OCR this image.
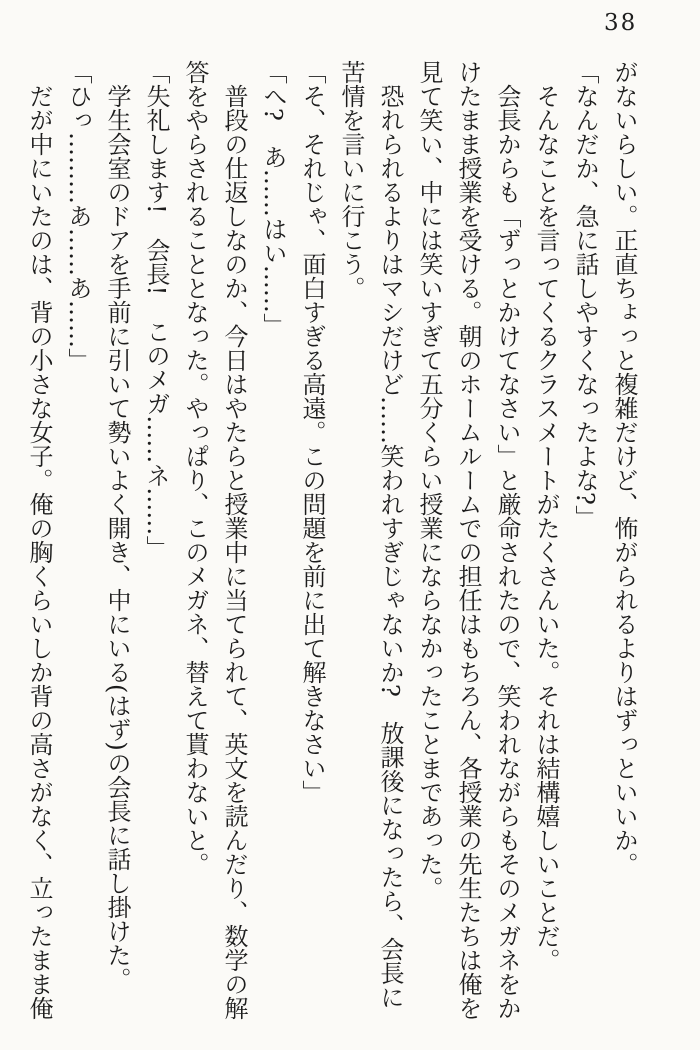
38

がないらしい。正直ちょっと複雑だけど、怖がられるよりはずっといいか。

「なんだか、急に話しやすくなったよな?」

そんなことを言ってくるクラスメートがたくさんいた。それは結構嬉しいことだ。

会長からも「ずっとかけてなさい」と厳命されたので、笑われながらもそのメガネをかけたまま授業を受ける。朝のホームルームでの担任はもちろん、各授業の先生たちは俺を見て笑い、中には笑いすぎて五分くらい授業にならなかったことまであった。

恐れられるよりはマシだけど……笑われすぎじゃないか?　放課後になったら、会長に苦情を言いに行こう。

「そ、それじゃ、面白すぎる高遠。この問題を前に出て解きなさい」

「へ?　あ……はい……」

普段の仕返しなのか、今日はやたらと授業中に当てられて、英文を読んだり、数学の解答をやらされることとなった。やっぱり、このメガネ、替えて貰わないと。

「失礼します!　会長!　このメガ……ネ……」

学生会室のドアを手前に引いて勢いよく開き、中にいる(はず)の会長に話し掛けた。

「ひっ………あ……あ……」

だが中にいたのは、背の小さな女子。俺の胸くらいしか背の高さがなく、立ったまま俺
